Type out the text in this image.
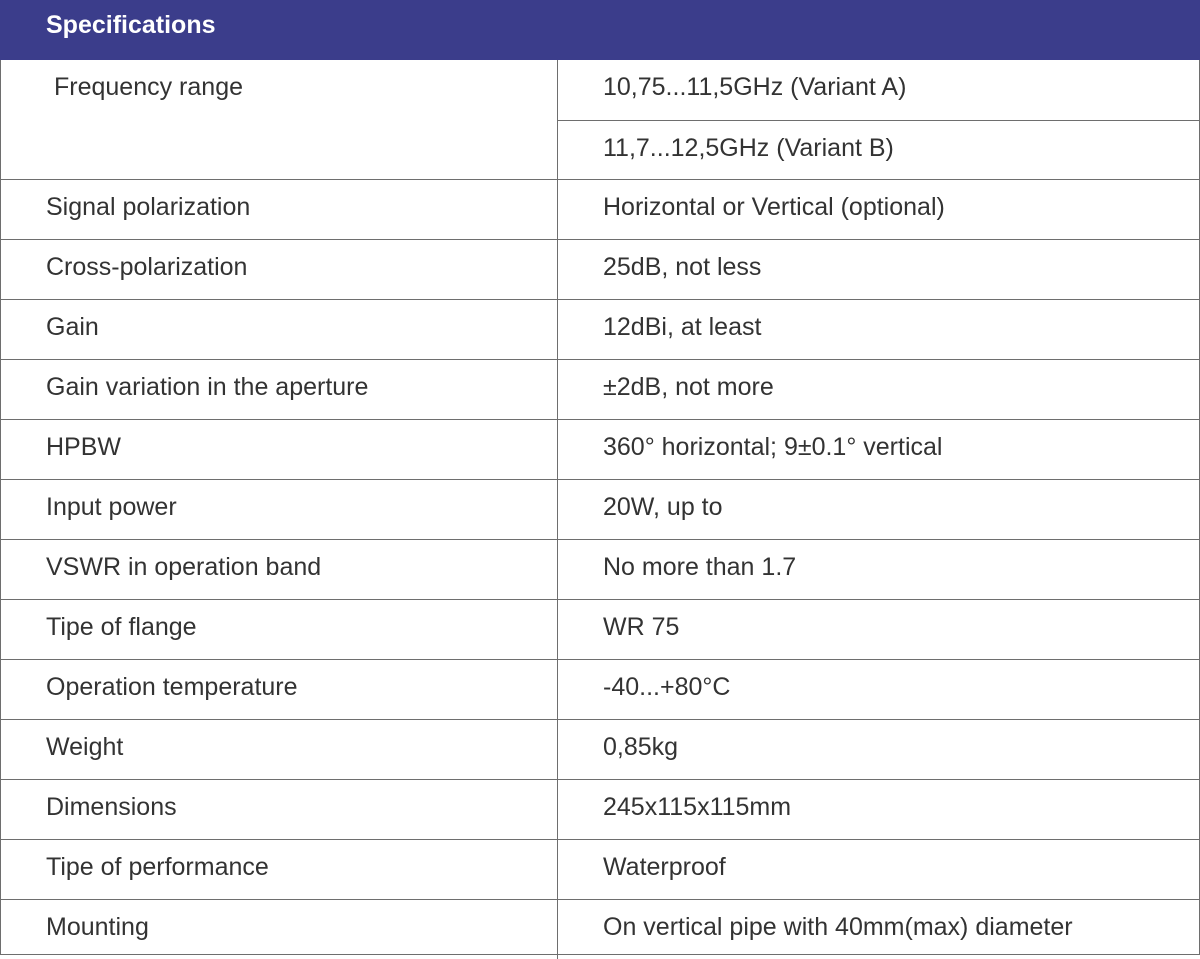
Specifications
Frequency range	10,75...11,5GHz (Variant A)
11,7...12,5GHz (Variant B)
Signal polarization	Horizontal or Vertical (optional)
Cross-polarization	25dB, not less
Gain	12dBi, at least
Gain variation in the aperture	±2dB, not more
HPBW	360° horizontal; 9±0.1° vertical
Input power	20W, up to
VSWR in operation band	No more than 1.7
Tipe of flange	WR 75
Operation temperature	-40...+80°C
Weight	0,85kg
Dimensions	245x115x115mm
Tipe of performance	Waterproof
Mounting	On vertical pipe with 40mm(max) diameter
